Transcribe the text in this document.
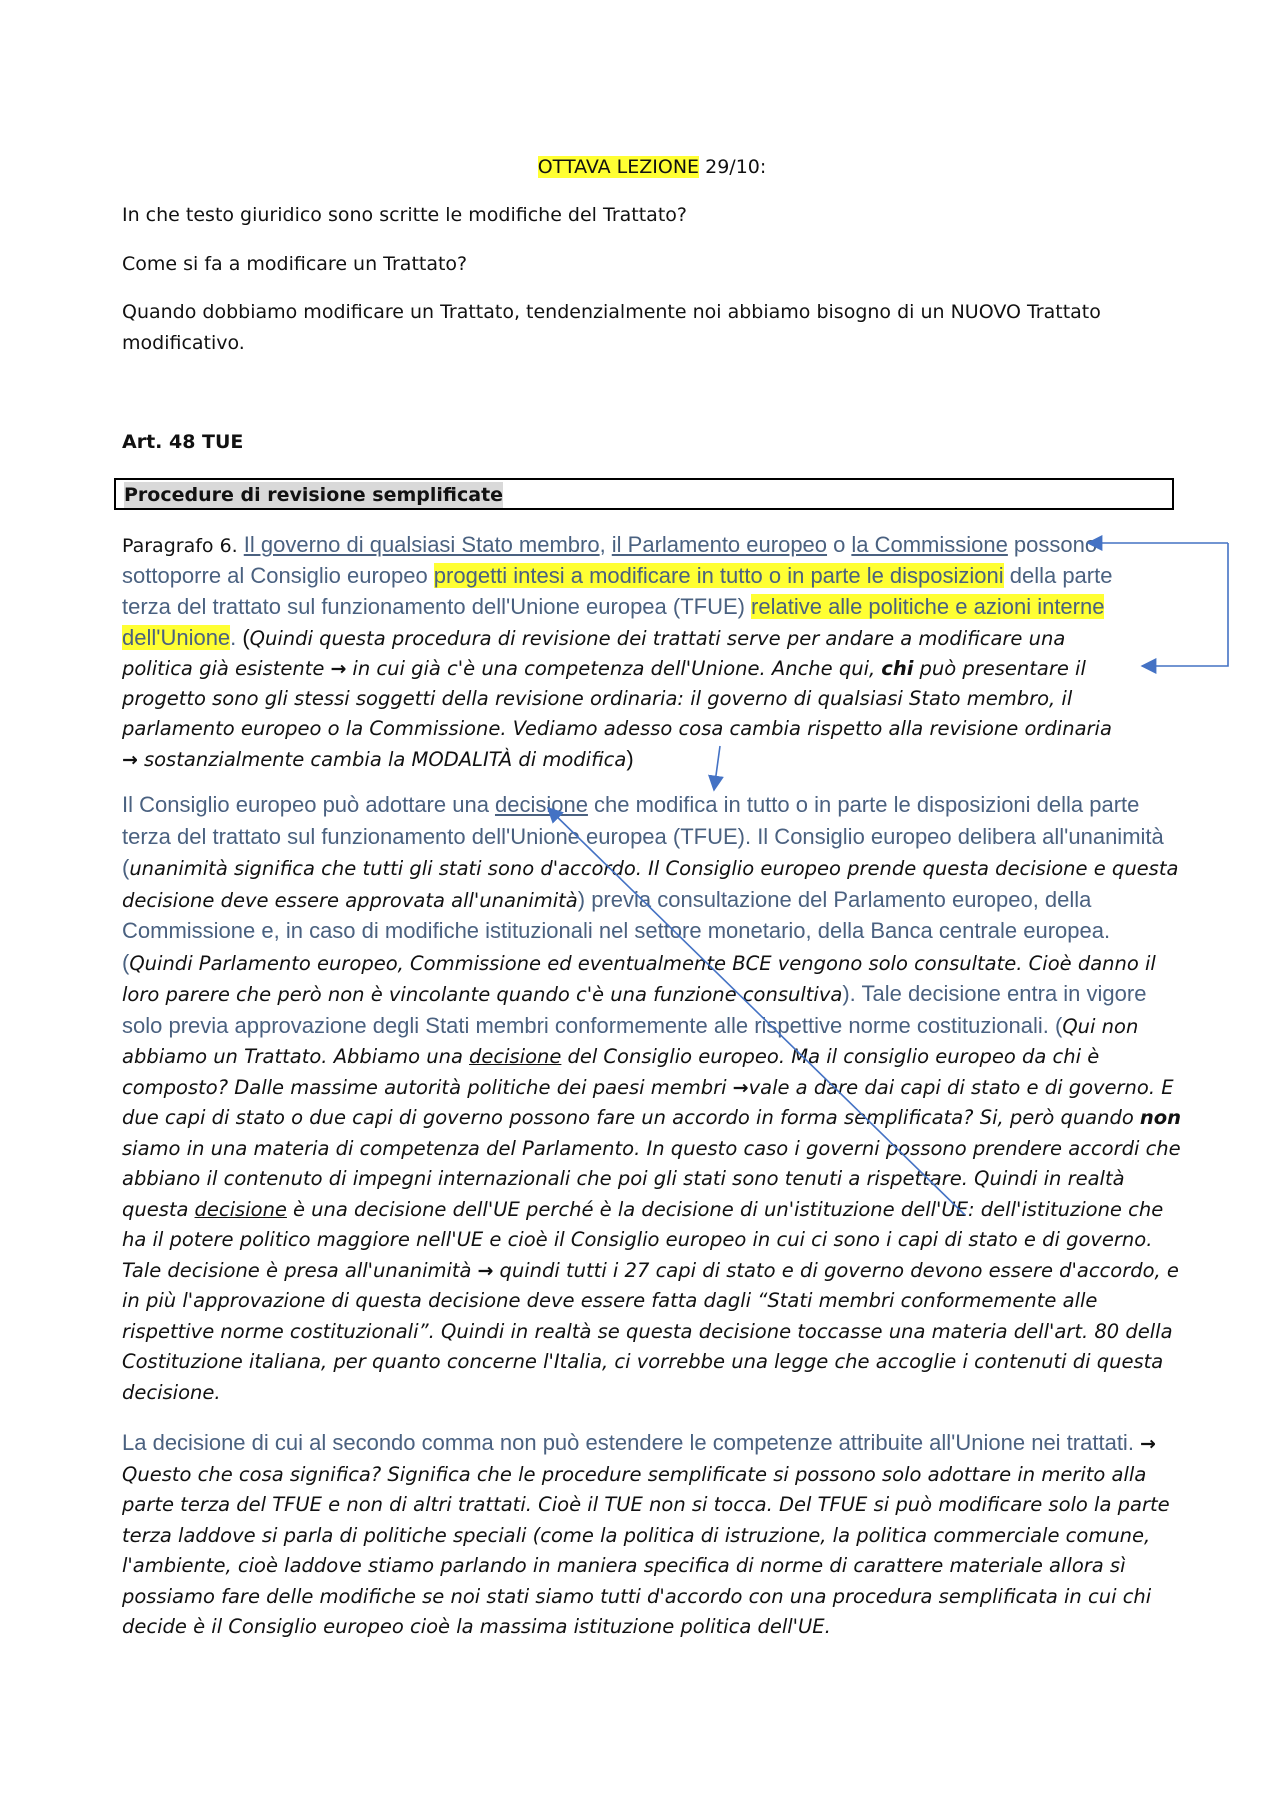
OTTAVA LEZIONE 29/10:

In che testo giuridico sono scritte le modifiche del Trattato?

Come si fa a modificare un Trattato?

Quando dobbiamo modificare un Trattato, tendenzialmente noi abbiamo bisogno di un NUOVO Trattato modificativo.

Art. 48 TUE

Procedure di revisione semplificate

Paragrafo 6. Il governo di qualsiasi Stato membro, il Parlamento europeo o la Commissione possono sottoporre al Consiglio europeo progetti intesi a modificare in tutto o in parte le disposizioni della parte terza del trattato sul funzionamento dell'Unione europea (TFUE) relative alle politiche e azioni interne dell'Unione. (Quindi questa procedura di revisione dei trattati serve per andare a modificare una politica già esistente → in cui già c'è una competenza dell'Unione. Anche qui, chi può presentare il progetto sono gli stessi soggetti della revisione ordinaria: il governo di qualsiasi Stato membro, il parlamento europeo o la Commissione. Vediamo adesso cosa cambia rispetto alla revisione ordinaria → sostanzialmente cambia la MODALITÀ di modifica)

Il Consiglio europeo può adottare una decisione che modifica in tutto o in parte le disposizioni della parte terza del trattato sul funzionamento dell'Unione europea (TFUE). Il Consiglio europeo delibera all'unanimità (unanimità significa che tutti gli stati sono d'accordo. Il Consiglio europeo prende questa decisione e questa decisione deve essere approvata all'unanimità) previa consultazione del Parlamento europeo, della Commissione e, in caso di modifiche istituzionali nel settore monetario, della Banca centrale europea. (Quindi Parlamento europeo, Commissione ed eventualmente BCE vengono solo consultate. Cioè danno il loro parere che però non è vincolante quando c'è una funzione consultiva). Tale decisione entra in vigore solo previa approvazione degli Stati membri conformemente alle rispettive norme costituzionali. (Qui non abbiamo un Trattato. Abbiamo una decisione del Consiglio europeo. Ma il consiglio europeo da chi è composto? Dalle massime autorità politiche dei paesi membri →vale a dare dai capi di stato e di governo. E due capi di stato o due capi di governo possono fare un accordo in forma semplificata? Si, però quando non siamo in una materia di competenza del Parlamento. In questo caso i governi possono prendere accordi che abbiano il contenuto di impegni internazionali che poi gli stati sono tenuti a rispettare. Quindi in realtà questa decisione è una decisione dell'UE perché è la decisione di un'istituzione dell'UE: dell'istituzione che ha il potere politico maggiore nell'UE e cioè il Consiglio europeo in cui ci sono i capi di stato e di governo. Tale decisione è presa all'unanimità → quindi tutti i 27 capi di stato e di governo devono essere d'accordo, e in più l'approvazione di questa decisione deve essere fatta dagli “Stati membri conformemente alle rispettive norme costituzionali”. Quindi in realtà se questa decisione toccasse una materia dell'art. 80 della Costituzione italiana, per quanto concerne l'Italia, ci vorrebbe una legge che accoglie i contenuti di questa decisione.

La decisione di cui al secondo comma non può estendere le competenze attribuite all'Unione nei trattati. → Questo che cosa significa? Significa che le procedure semplificate si possono solo adottare in merito alla parte terza del TFUE e non di altri trattati. Cioè il TUE non si tocca. Del TFUE si può modificare solo la parte terza laddove si parla di politiche speciali (come la politica di istruzione, la politica commerciale comune, l'ambiente, cioè laddove stiamo parlando in maniera specifica di norme di carattere materiale allora sì possiamo fare delle modifiche se noi stati siamo tutti d'accordo con una procedura semplificata in cui chi decide è il Consiglio europeo cioè la massima istituzione politica dell'UE.
